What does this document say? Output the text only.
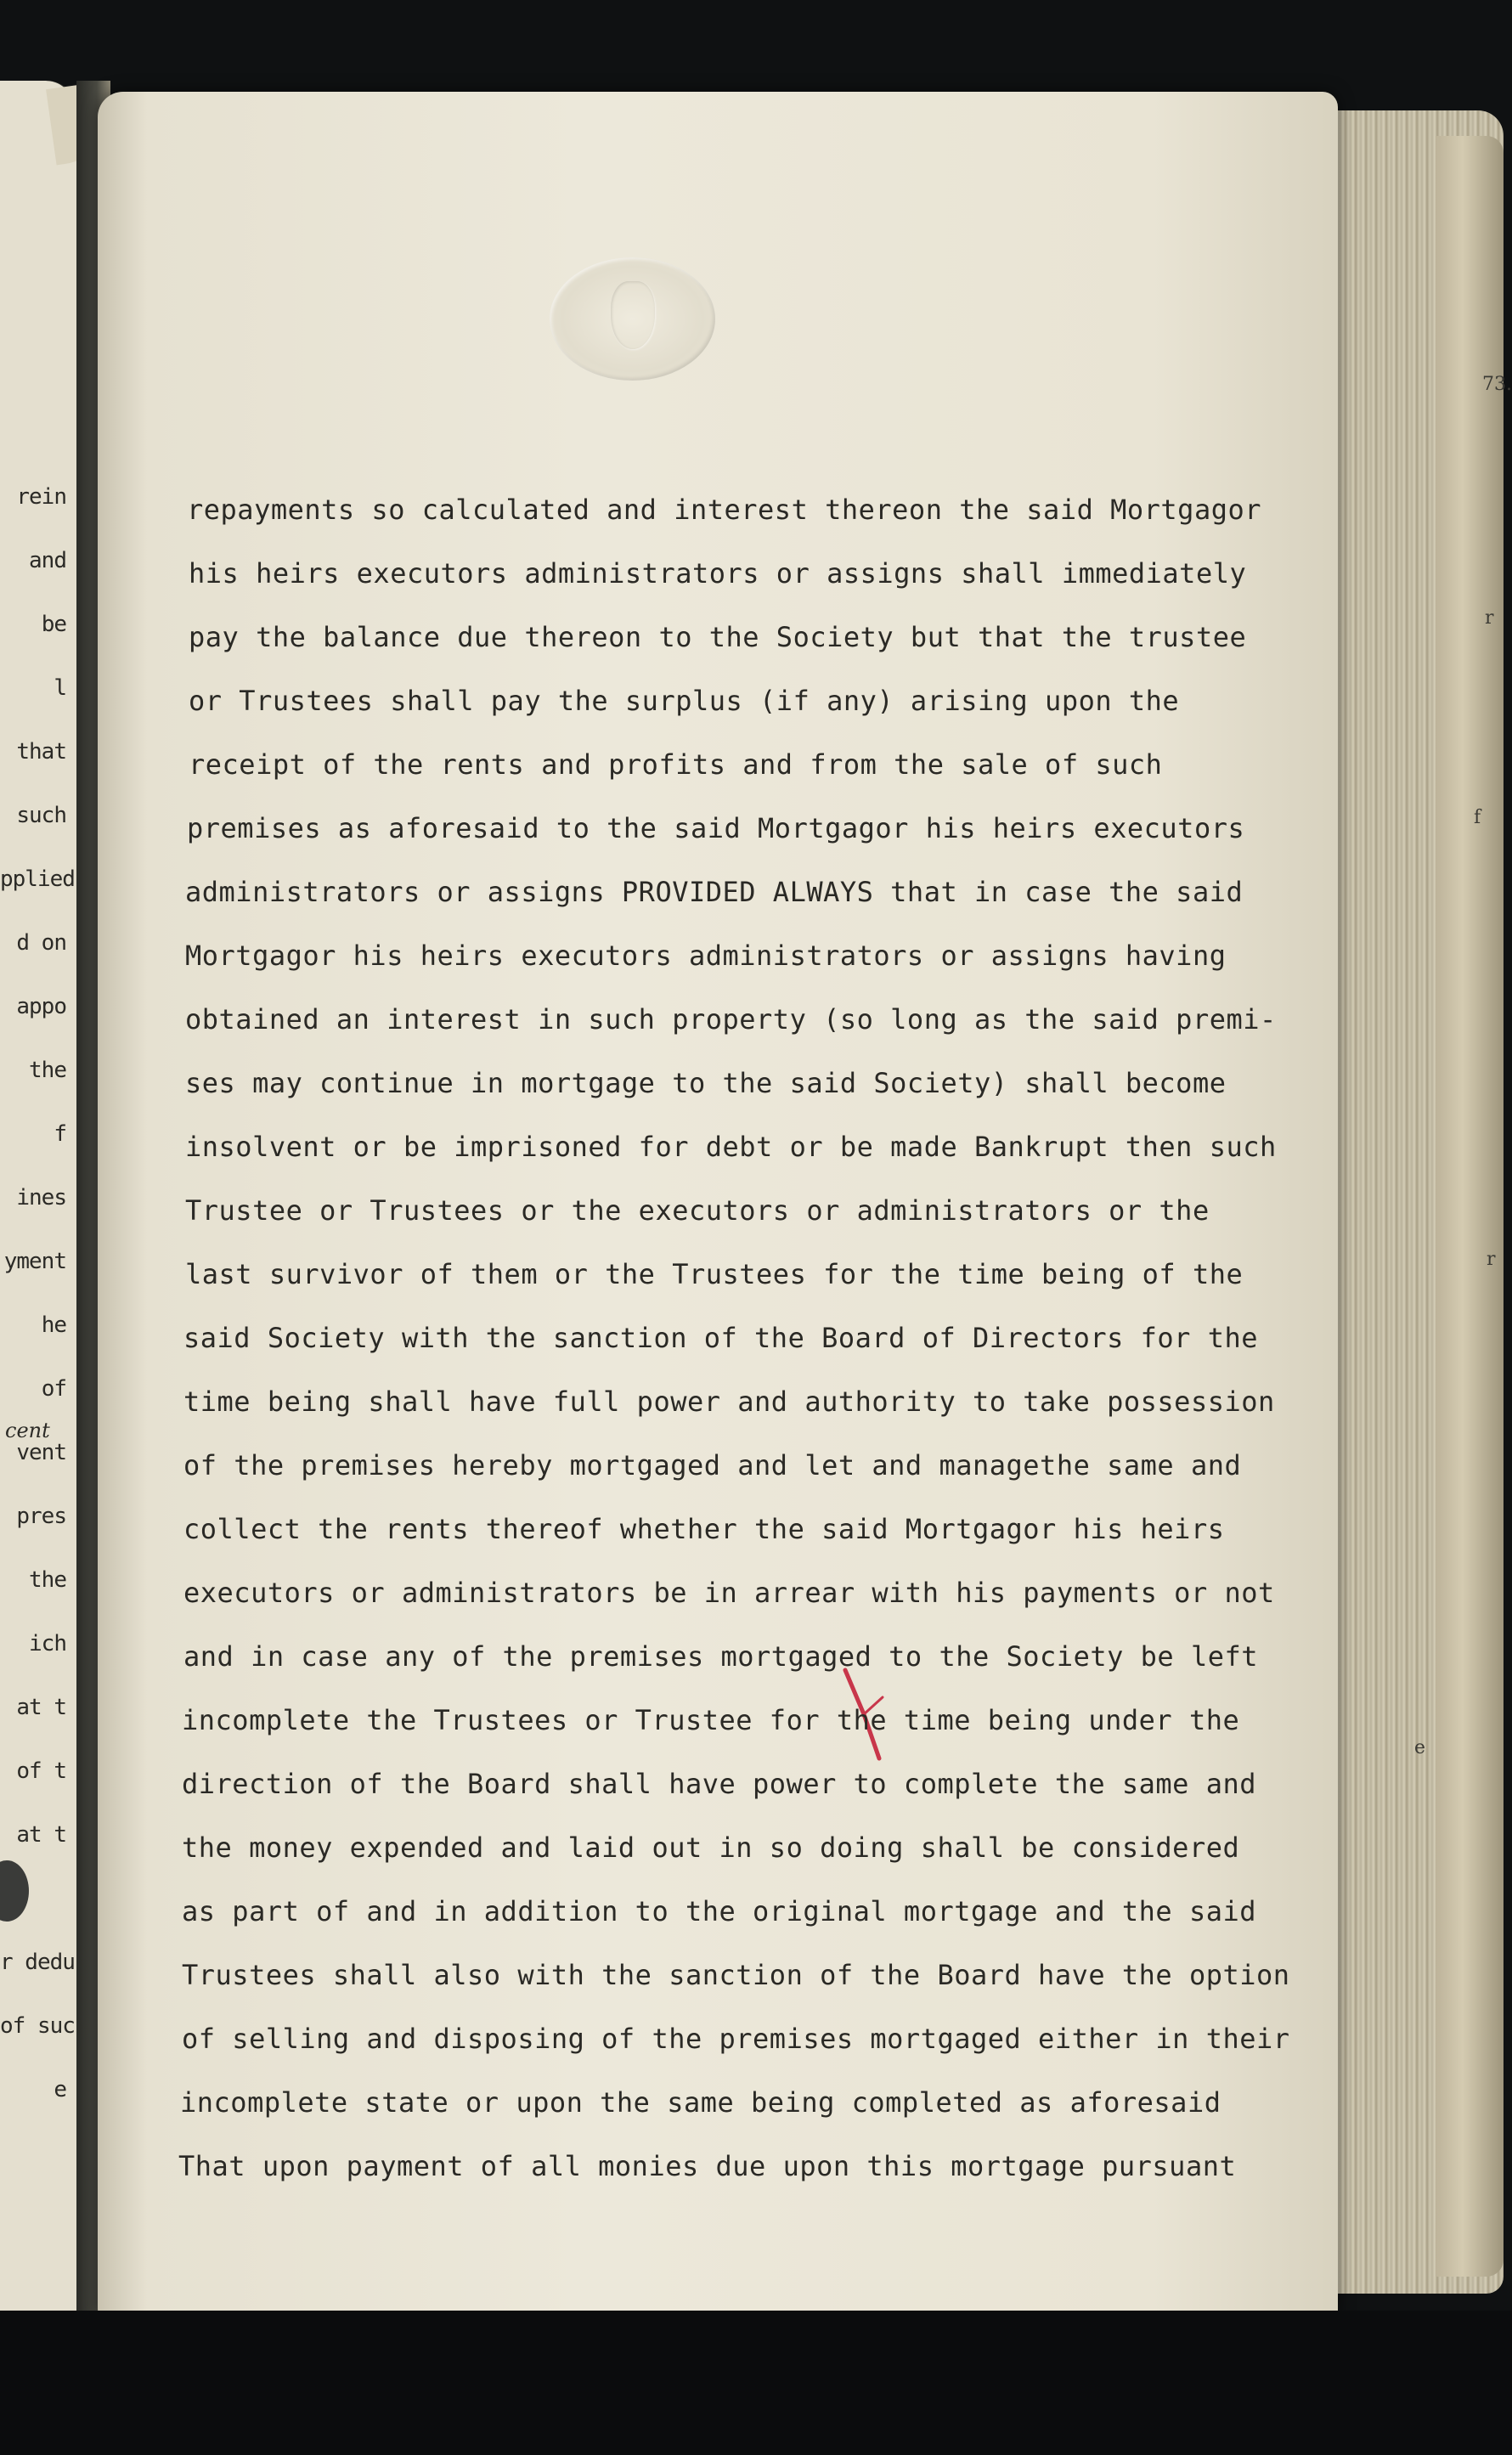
rein
and
be
l
that
such
pplied
d on
appo
the
f
ines
yment
he
of
vent
pres
the
ich
at t
of t
at t
r dedu
of suc
e
cent
73.
r
f
r
e
repayments so calculated and interest thereon the said Mortgagor
his heirs executors administrators or assigns shall immediately
pay the balance due thereon to the Society but that the trustee
or Trustees shall pay the surplus (if any) arising upon the
receipt of the rents and profits and from the sale of such
premises as aforesaid to the said Mortgagor his heirs executors
administrators or assigns PROVIDED ALWAYS that in case the said
Mortgagor his heirs executors administrators or assigns having
obtained an interest in such property (so long as the said premi-
ses may continue in mortgage to the said Society) shall become
insolvent or be imprisoned for debt or be made Bankrupt then such
Trustee or Trustees or the executors or administrators or the
last survivor of them or the Trustees for the time being of the
said Society with the sanction of the Board of Directors for the
time being shall have full power and authority to take possession
of the premises hereby mortgaged and let and managethe same and
collect the rents thereof whether the said Mortgagor his heirs
executors or administrators be in arrear with his payments or not
and in case any of the premises mortgaged to the Society be left
incomplete the Trustees or Trustee for the time being under the
direction of the Board shall have power to complete the same and
the money expended and laid out in so doing shall be considered
as part of and in addition to the original mortgage and the said
Trustees shall also with the sanction of the Board have the option
of selling and disposing of the premises mortgaged either in their
incomplete state or upon the same being completed as aforesaid
That upon payment of all monies due upon this mortgage pursuant
